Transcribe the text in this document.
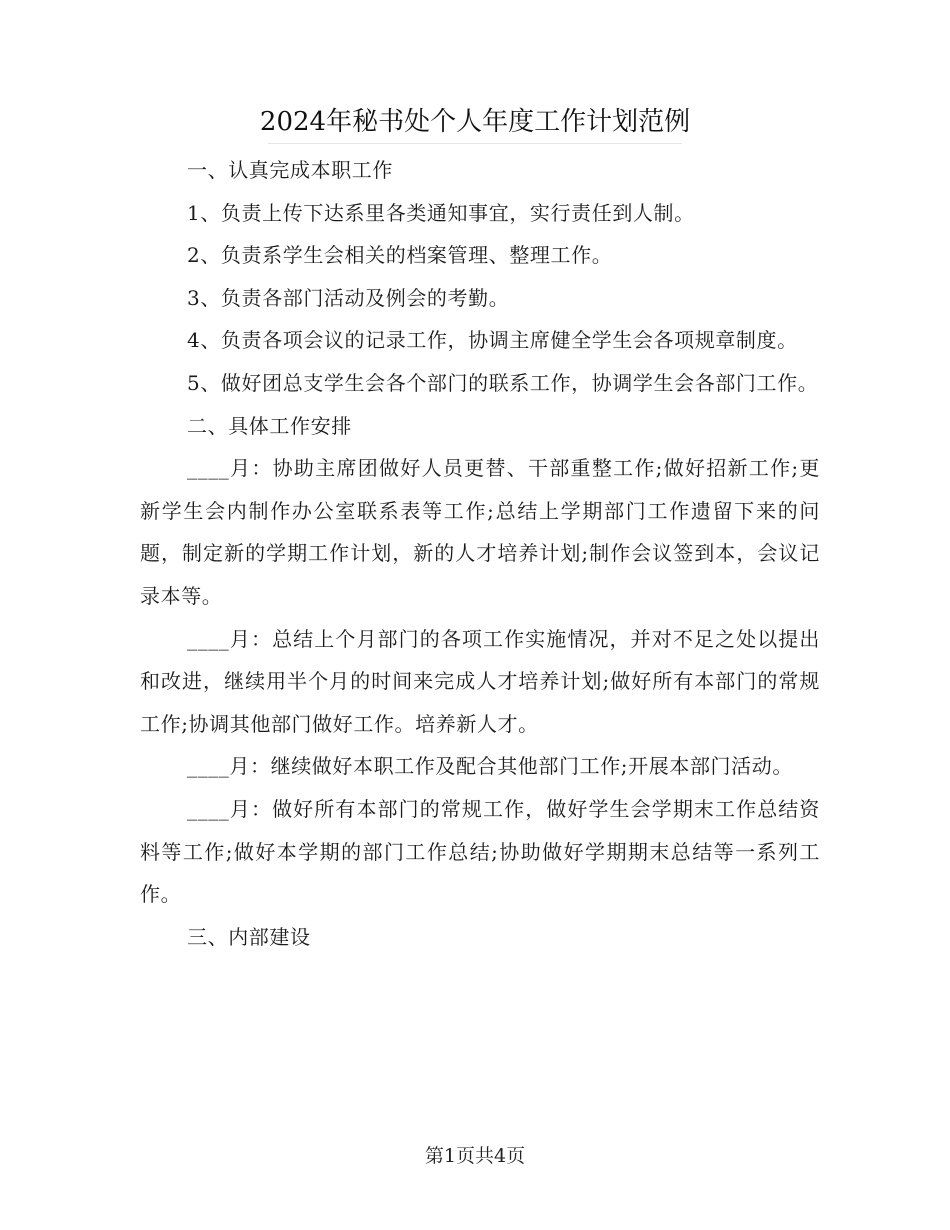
2024年秘书处个人年度工作计划范例

一、认真完成本职工作

1、负责上传下达系里各类通知事宜，实行责任到人制。

2、负责系学生会相关的档案管理、整理工作。

3、负责各部门活动及例会的考勤。

4、负责各项会议的记录工作，协调主席健全学生会各项规章制度。

5、做好团总支学生会各个部门的联系工作，协调学生会各部门工作。

二、具体工作安排

____月：协助主席团做好人员更替、干部重整工作;做好招新工作;更新学生会内制作办公室联系表等工作;总结上学期部门工作遗留下来的问题，制定新的学期工作计划，新的人才培养计划;制作会议签到本，会议记录本等。

____月：总结上个月部门的各项工作实施情况，并对不足之处以提出和改进，继续用半个月的时间来完成人才培养计划;做好所有本部门的常规工作;协调其他部门做好工作。培养新人才。

____月：继续做好本职工作及配合其他部门工作;开展本部门活动。

____月：做好所有本部门的常规工作，做好学生会学期末工作总结资料等工作;做好本学期的部门工作总结;协助做好学期期末总结等一系列工作。

三、内部建设

第1页共4页
